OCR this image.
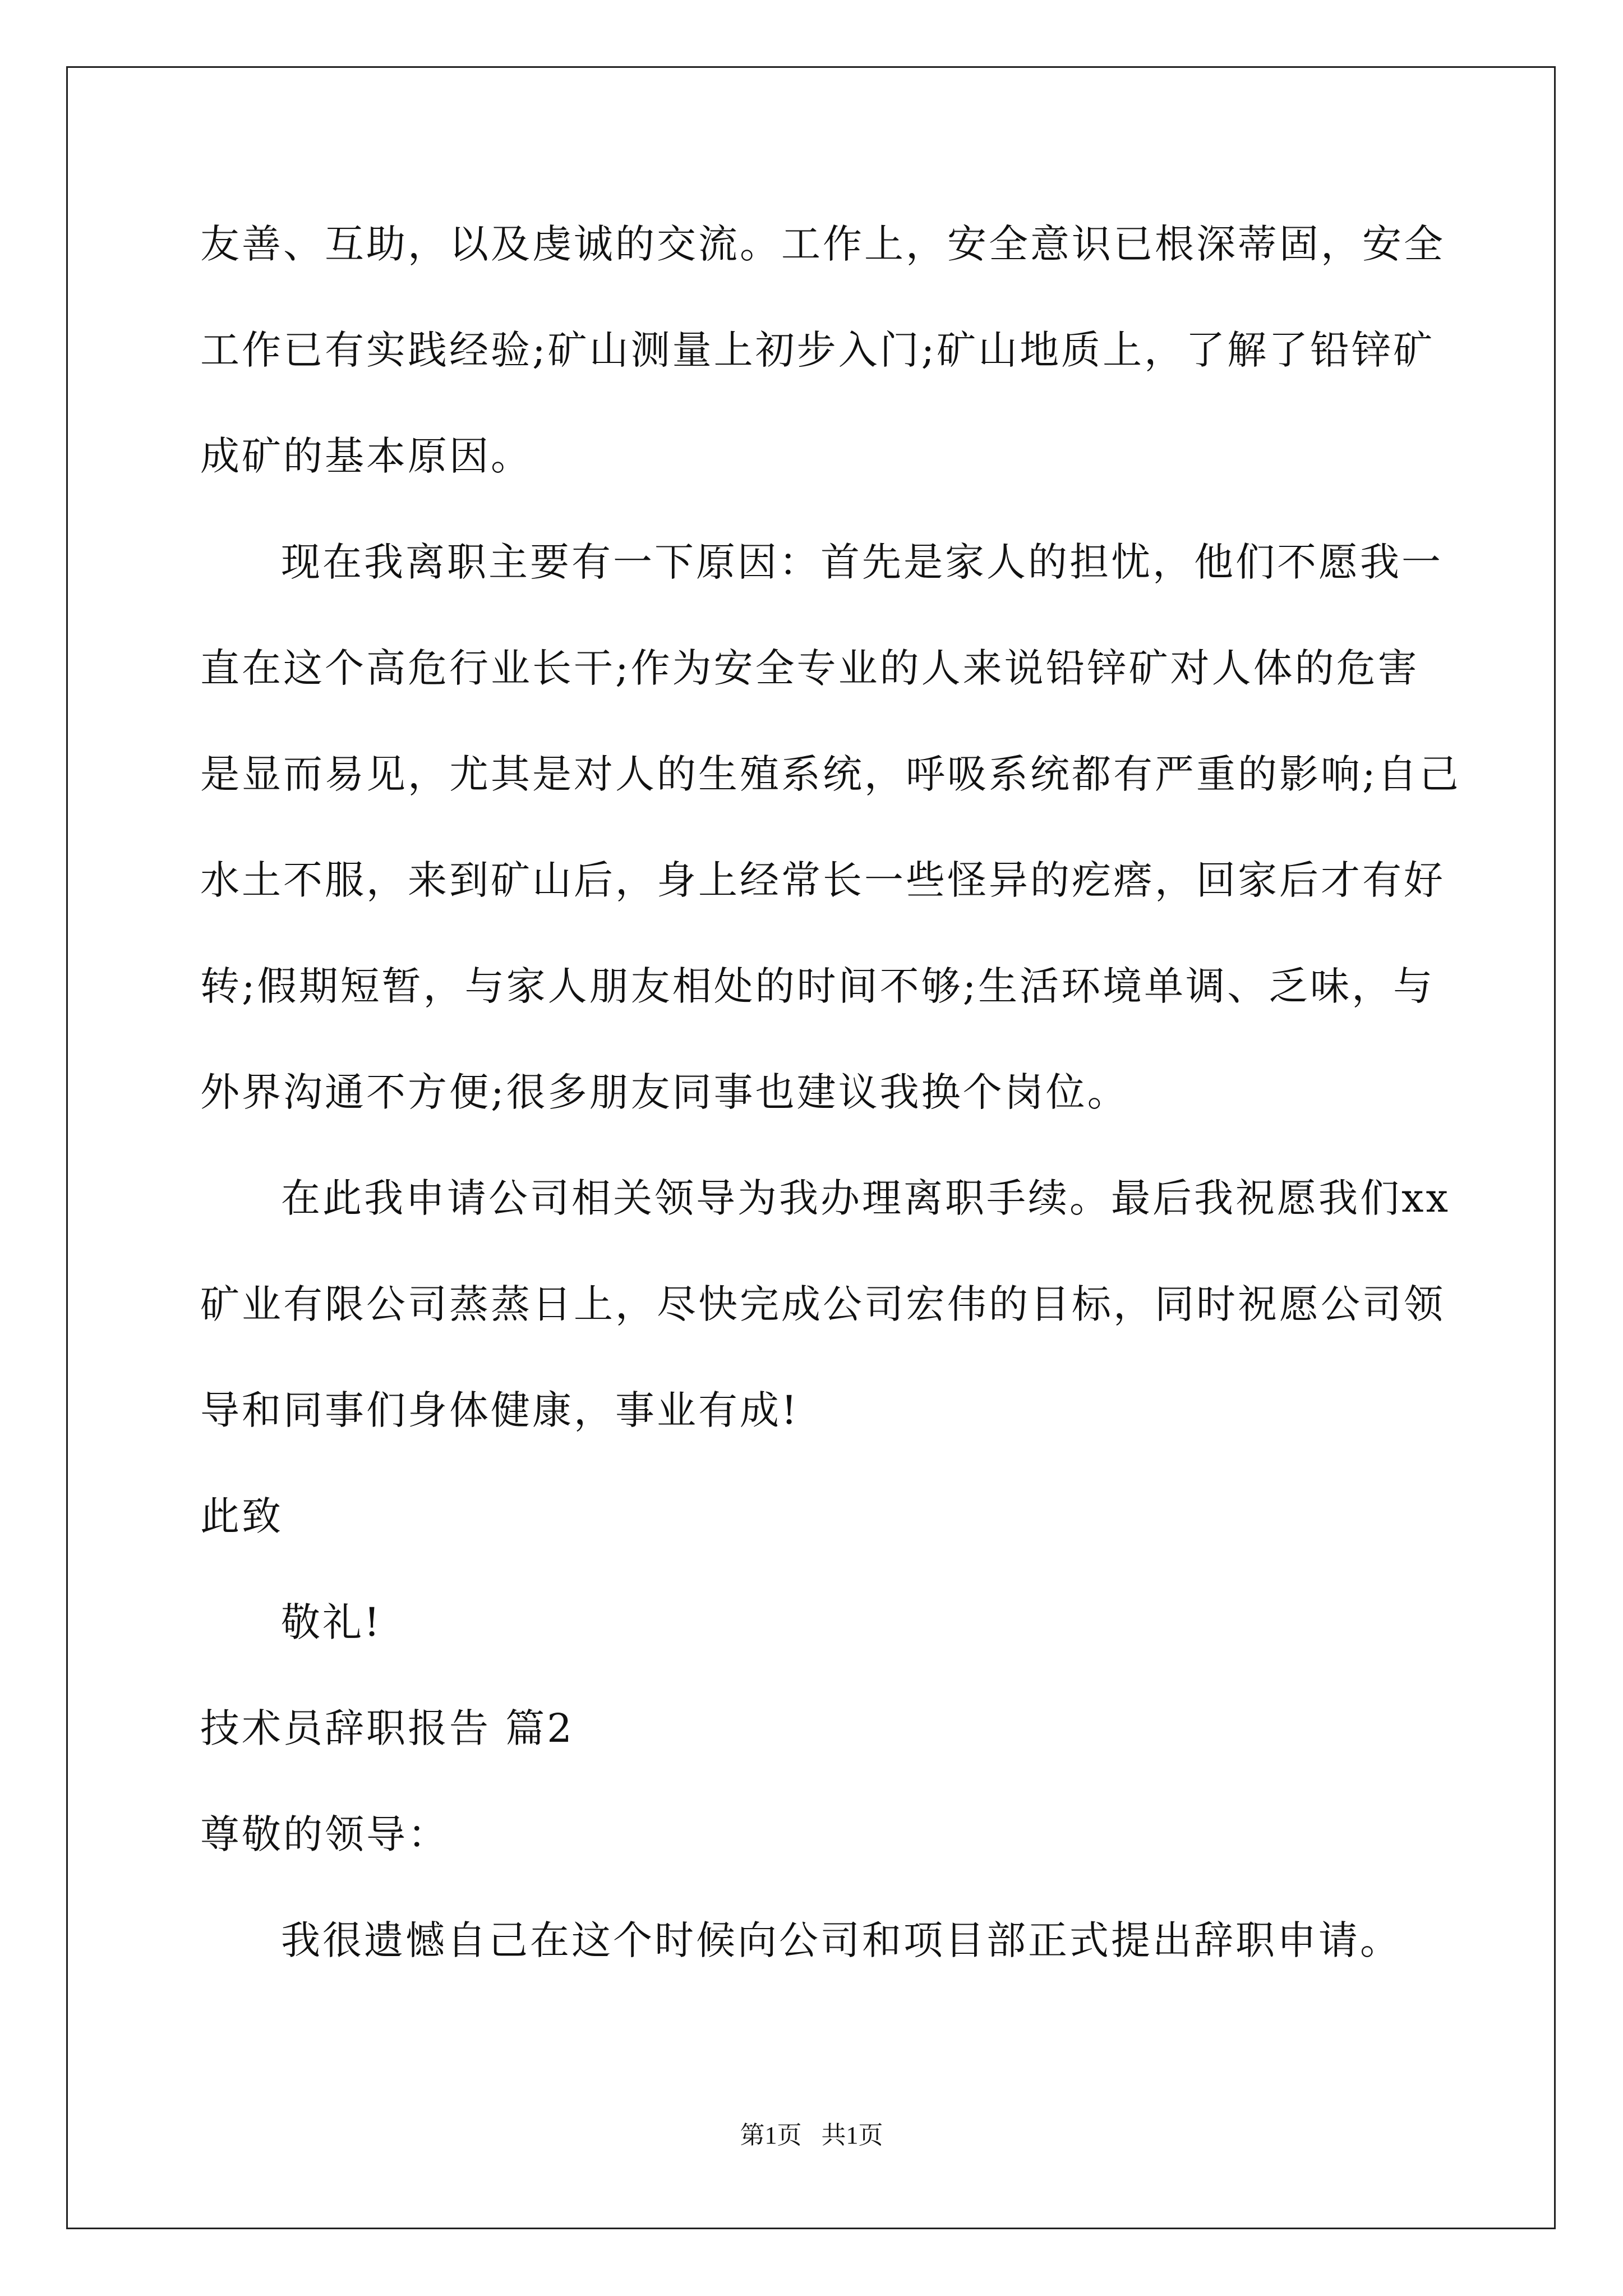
友善、互助，以及虔诚的交流。工作上，安全意识已根深蒂固，安全
工作已有实践经验;矿山测量上初步入门;矿山地质上，了解了铅锌矿
成矿的基本原因。
现在我离职主要有一下原因：首先是家人的担忧，他们不愿我一
直在这个高危行业长干;作为安全专业的人来说铅锌矿对人体的危害
是显而易见，尤其是对人的生殖系统，呼吸系统都有严重的影响;自己
水土不服，来到矿山后，身上经常长一些怪异的疙瘩，回家后才有好
转;假期短暂，与家人朋友相处的时间不够;生活环境单调、乏味，与
外界沟通不方便;很多朋友同事也建议我换个岗位。
在此我申请公司相关领导为我办理离职手续。最后我祝愿我们xx
矿业有限公司蒸蒸日上，尽快完成公司宏伟的目标，同时祝愿公司领
导和同事们身体健康，事业有成!
此致
敬礼!
技术员辞职报告 篇2
尊敬的领导：
我很遗憾自己在这个时候向公司和项目部正式提出辞职申请。
第1页 共1页
